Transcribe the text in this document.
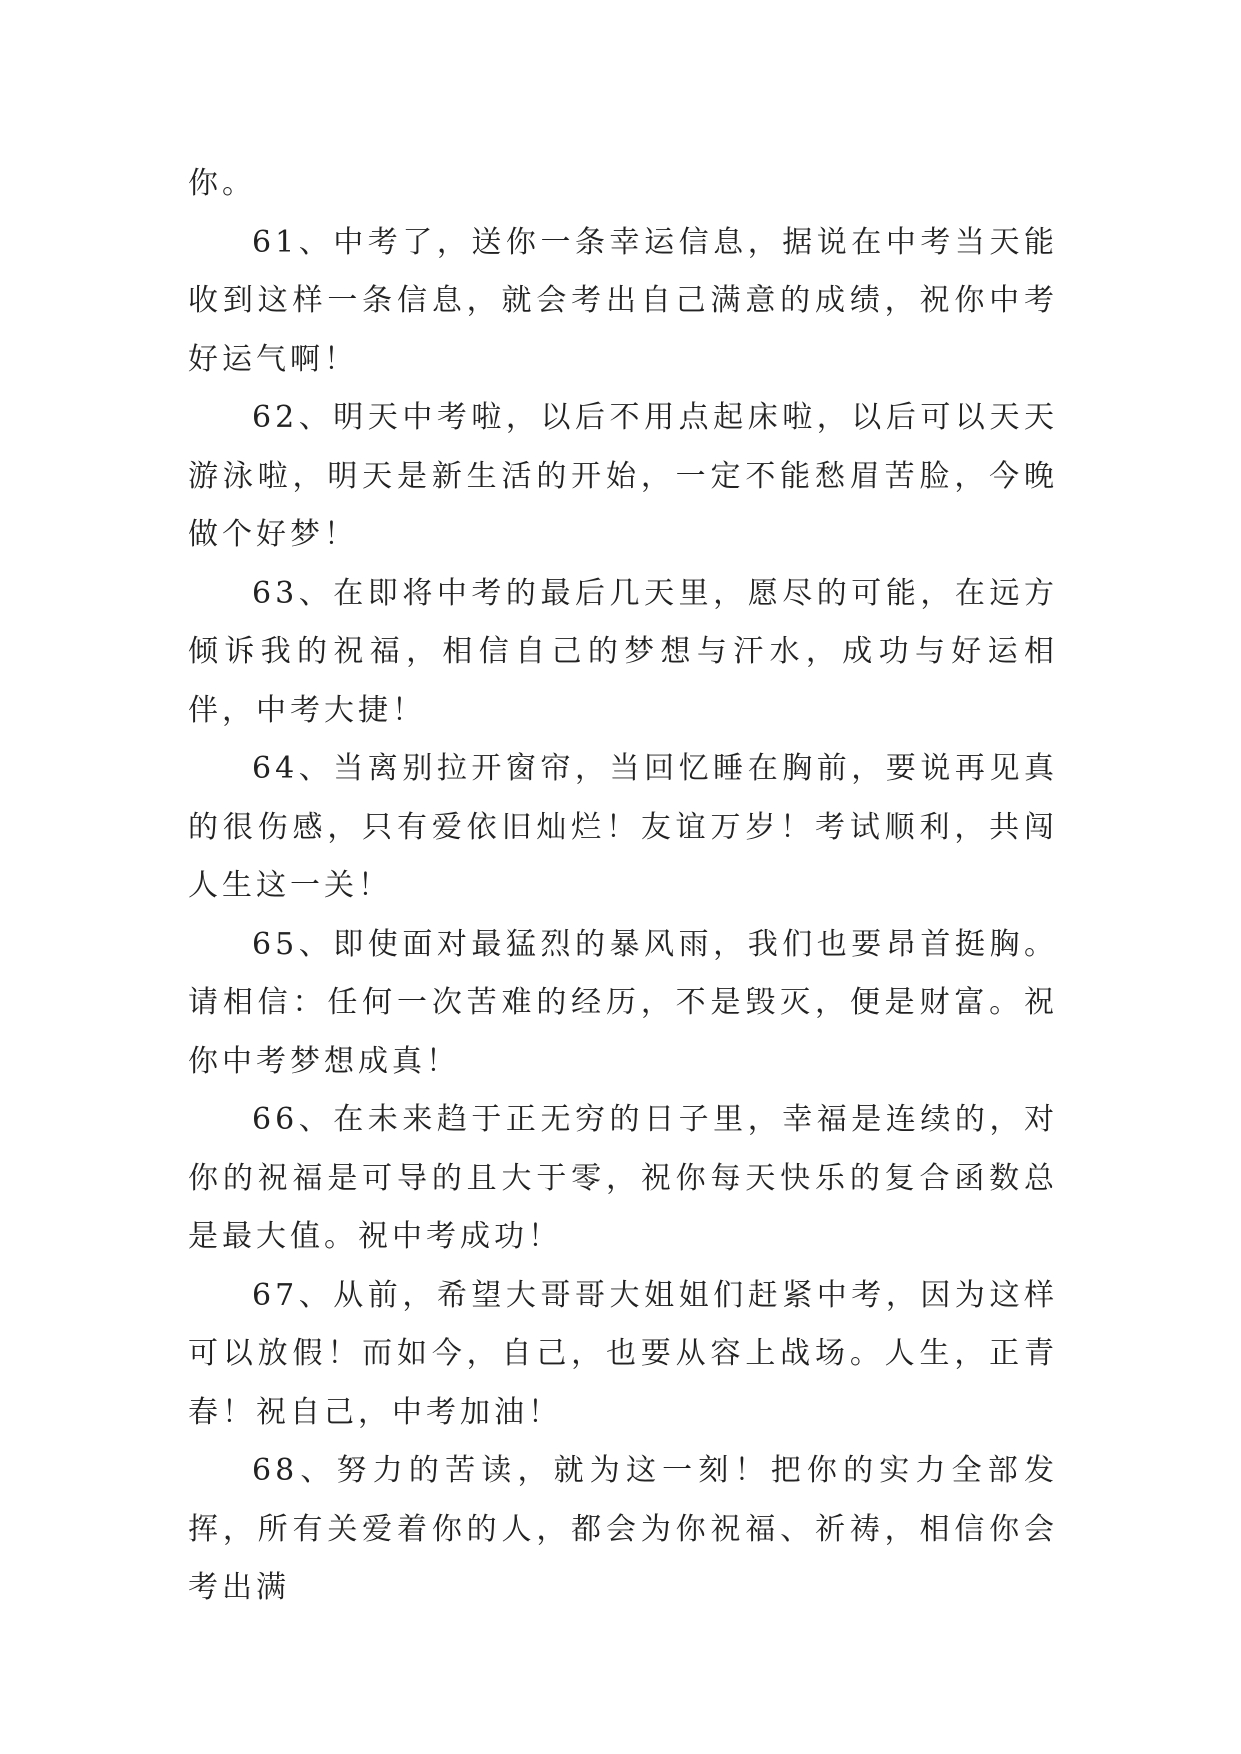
你。

61、中考了，送你一条幸运信息，据说在中考当天能收到这样一条信息，就会考出自己满意的成绩，祝你中考好运气啊！

62、明天中考啦，以后不用点起床啦，以后可以天天游泳啦，明天是新生活的开始，一定不能愁眉苦脸，今晚做个好梦！

63、在即将中考的最后几天里，愿尽的可能，在远方倾诉我的祝福，相信自己的梦想与汗水，成功与好运相伴，中考大捷！

64、当离别拉开窗帘，当回忆睡在胸前，要说再见真的很伤感，只有爱依旧灿烂！友谊万岁！考试顺利，共闯人生这一关！

65、即使面对最猛烈的暴风雨，我们也要昂首挺胸。请相信：任何一次苦难的经历，不是毁灭，便是财富。祝你中考梦想成真！

66、在未来趋于正无穷的日子里，幸福是连续的，对你的祝福是可导的且大于零，祝你每天快乐的复合函数总是最大值。祝中考成功！

67、从前，希望大哥哥大姐姐们赶紧中考，因为这样可以放假！而如今，自己，也要从容上战场。人生，正青春！祝自己，中考加油！

68、努力的苦读，就为这一刻！把你的实力全部发挥，所有关爱着你的人，都会为你祝福、祈祷，相信你会考出满
